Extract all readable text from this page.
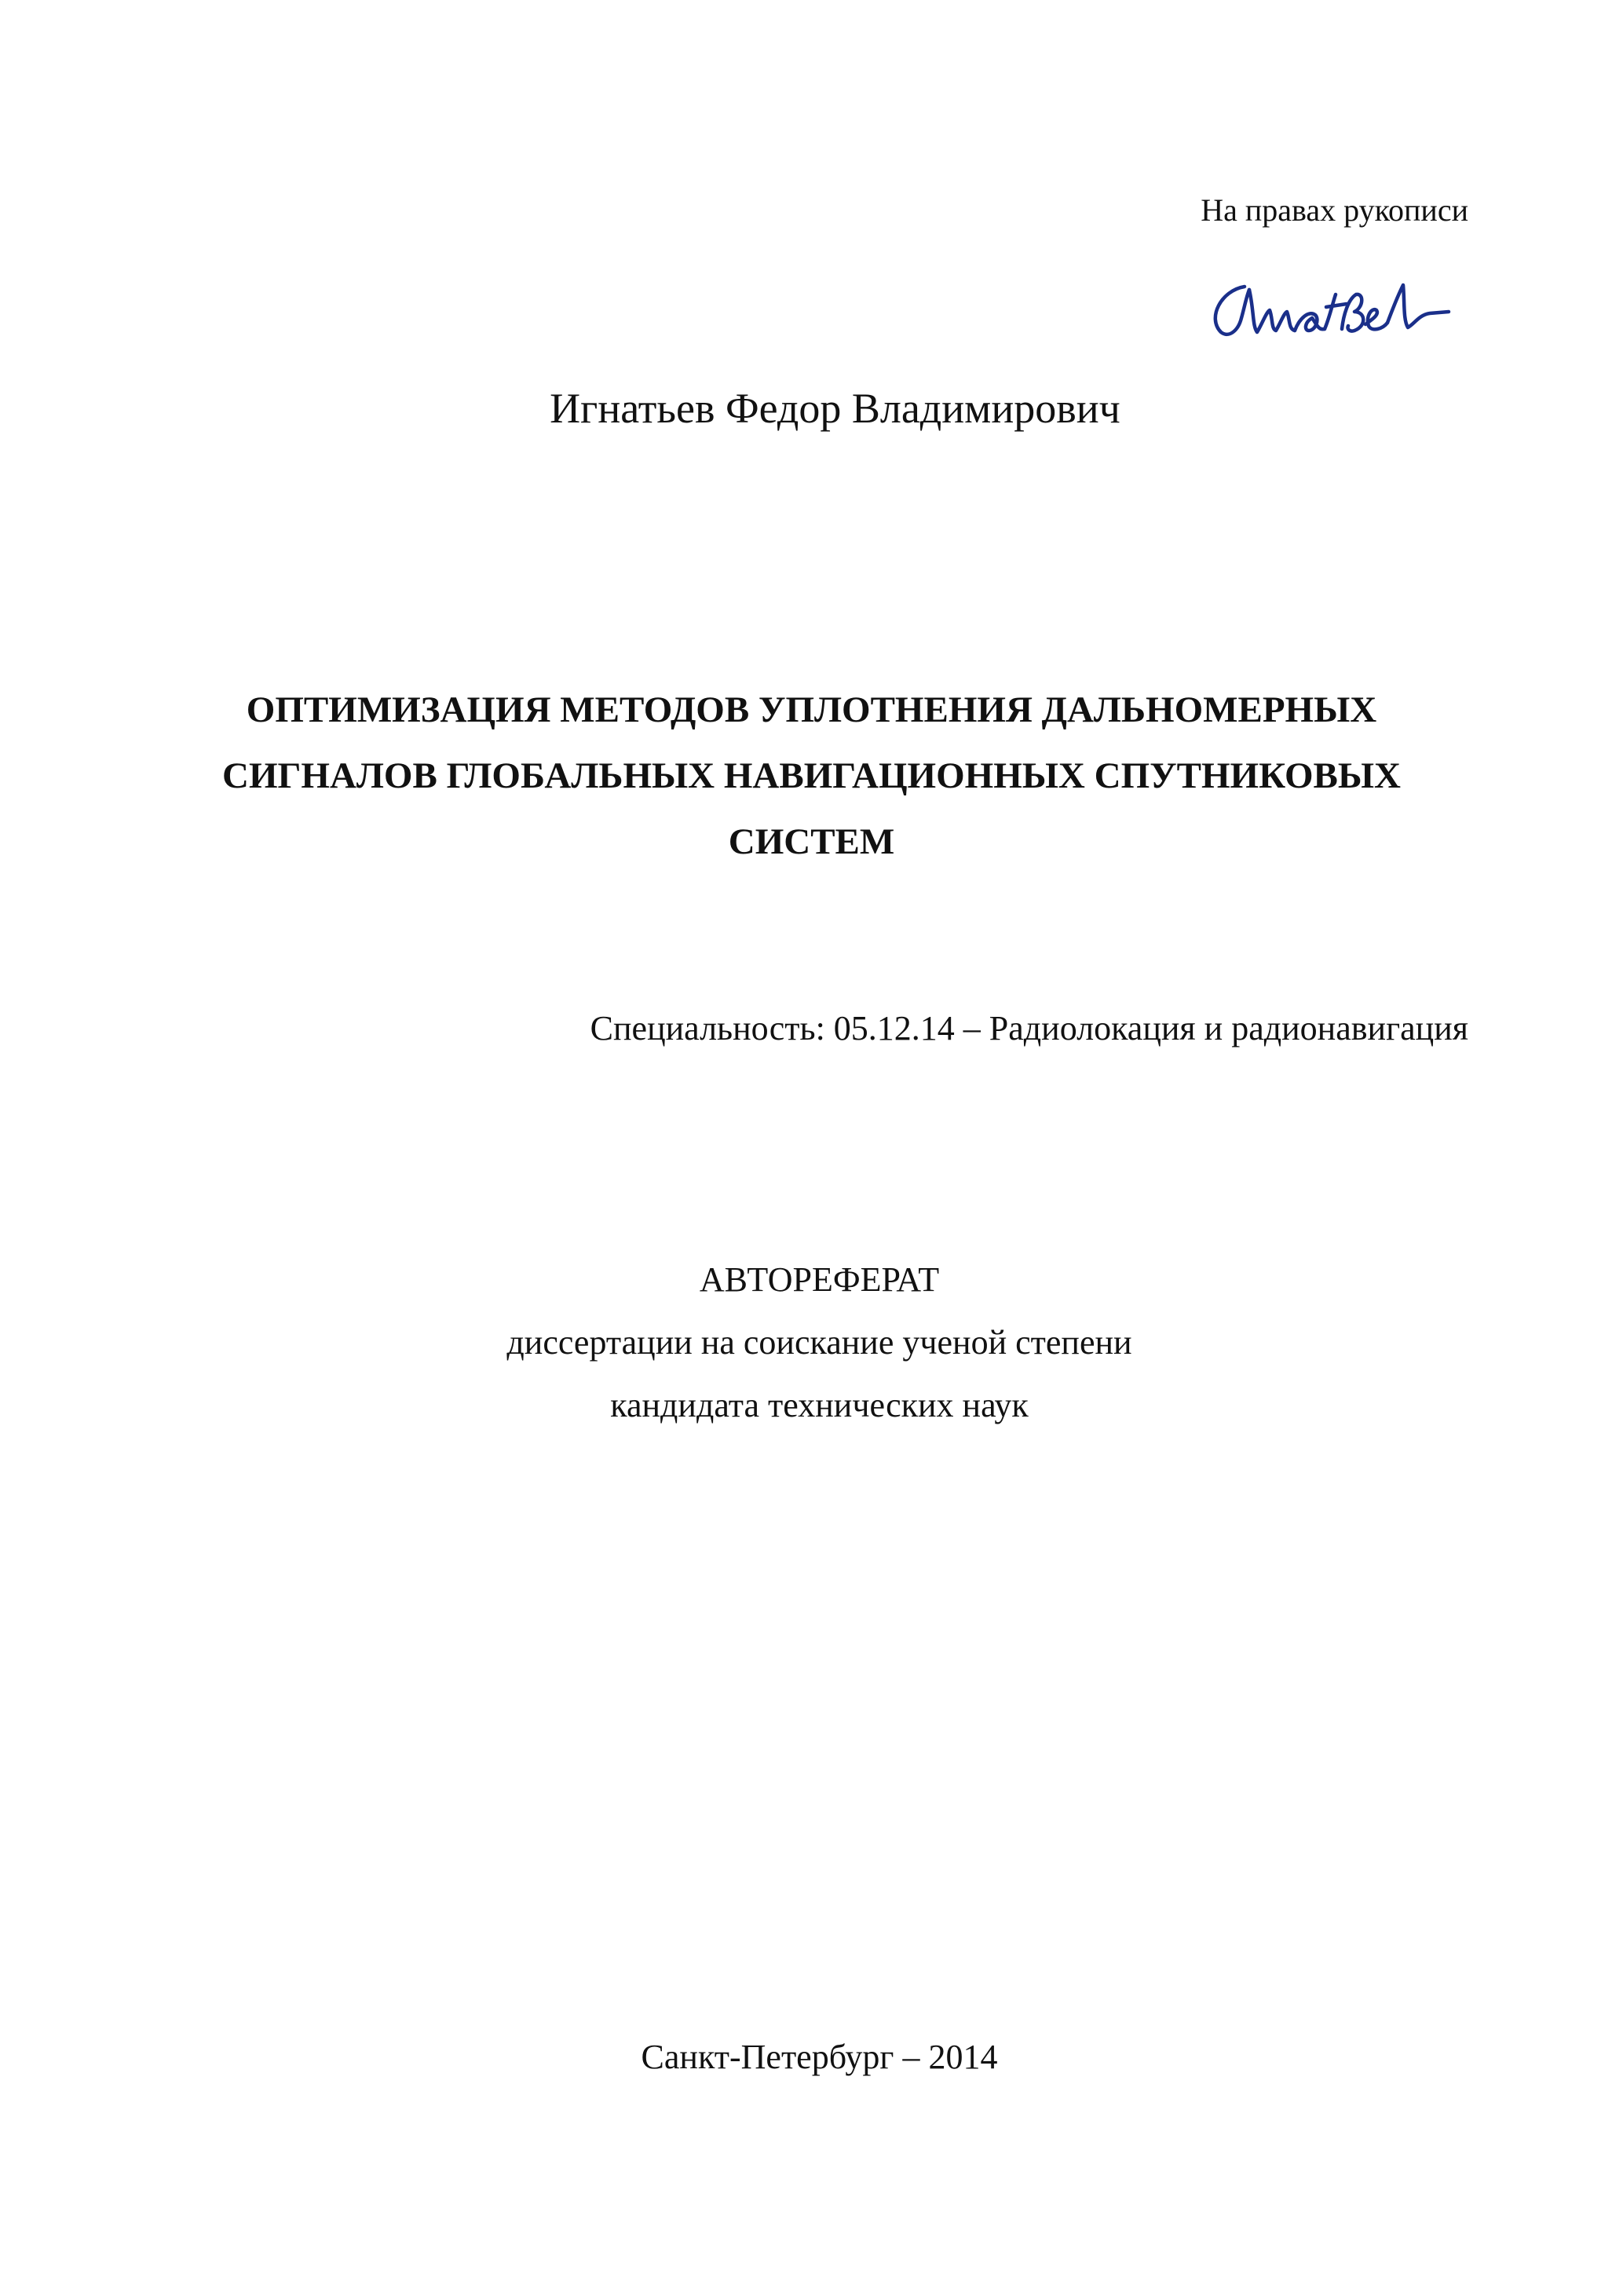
На правах рукописи
Игнатьев Федор Владимирович
ОПТИМИЗАЦИЯ МЕТОДОВ УПЛОТНЕНИЯ ДАЛЬНОМЕРНЫХ
СИГНАЛОВ ГЛОБАЛЬНЫХ НАВИГАЦИОННЫХ СПУТНИКОВЫХ
СИСТЕМ
Специальность: 05.12.14 – Радиолокация и радионавигация
АВТОРЕФЕРАТ
диссертации на соискание ученой степени
кандидата технических наук
Санкт-Петербург – 2014
